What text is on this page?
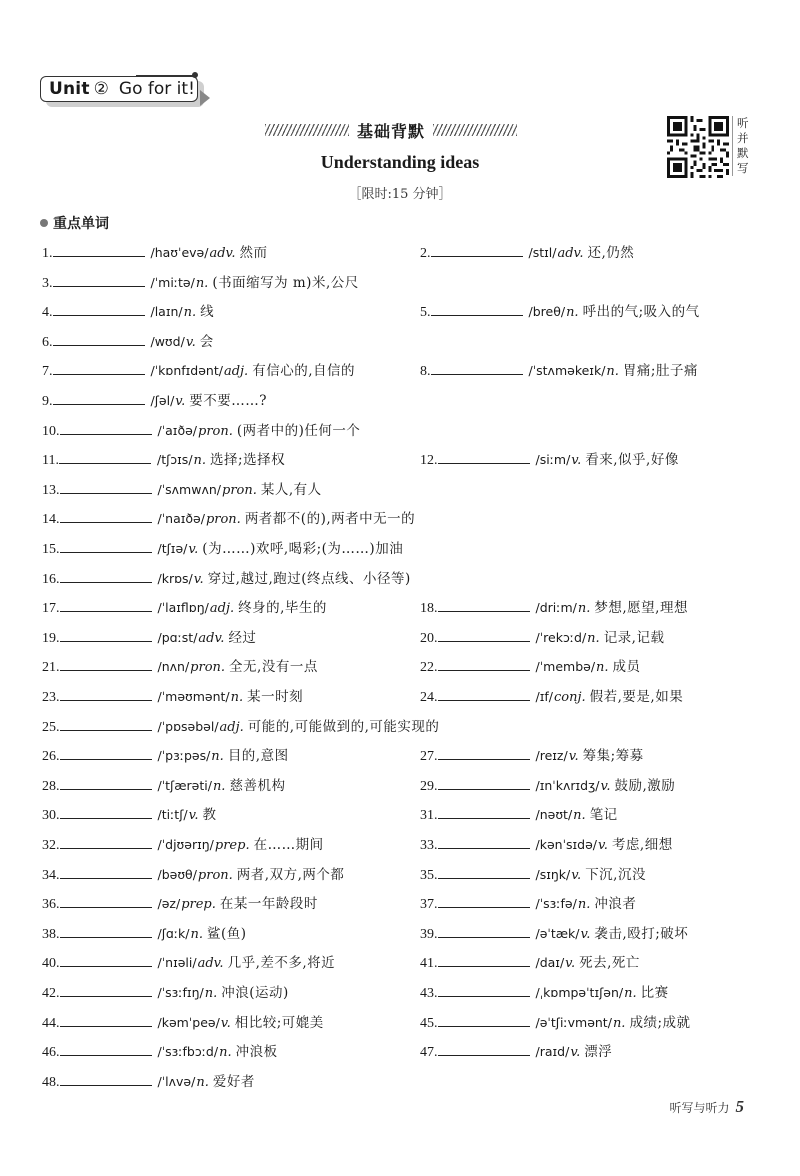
Unit ② Go for it!
基础背默
Understanding ideas
［限时:15 分钟］
听并默写
重点单词
1.	/haʊˈevə/ adv. 然而	2.	/stɪl/ adv. 还,仍然
3.	/ˈmiːtə/ n. (书面缩写为 m)米,公尺
4.	/laɪn/ n. 线	5.	/breθ/ n. 呼出的气;吸入的气
6.	/wʊd/ v. 会
7.	/ˈkɒnfɪdənt/ adj. 有信心的,自信的	8.	/ˈstʌməkeɪk/ n. 胃痛;肚子痛
9.	/ʃəl/ v. 要不要……?
10.	/ˈaɪðə/ pron. (两者中的)任何一个
11.	/tʃɔɪs/ n. 选择;选择权	12.	/siːm/ v. 看来,似乎,好像
13.	/ˈsʌmwʌn/ pron. 某人,有人
14.	/ˈnaɪðə/ pron. 两者都不(的),两者中无一的
15.	/tʃɪə/ v. (为……)欢呼,喝彩;(为……)加油
16.	/krɒs/ v. 穿过,越过,跑过(终点线、小径等)
17.	/ˈlaɪflɒŋ/ adj. 终身的,毕生的	18.	/driːm/ n. 梦想,愿望,理想
19.	/pɑːst/ adv. 经过	20.	/ˈrekɔːd/ n. 记录,记载
21.	/nʌn/ pron. 全无,没有一点	22.	/ˈmembə/ n. 成员
23.	/ˈməʊmənt/ n. 某一时刻	24.	/ɪf/ conj. 假若,要是,如果
25.	/ˈpɒsəbəl/ adj. 可能的,可能做到的,可能实现的
26.	/ˈpɜːpəs/ n. 目的,意图	27.	/reɪz/ v. 筹集;筹募
28.	/ˈtʃærəti/ n. 慈善机构	29.	/ɪnˈkʌrɪdʒ/ v. 鼓励,激励
30.	/tiːtʃ/ v. 教	31.	/nəʊt/ n. 笔记
32.	/ˈdjʊərɪŋ/ prep. 在……期间	33.	/kənˈsɪdə/ v. 考虑,细想
34.	/bəʊθ/ pron. 两者,双方,两个都	35.	/sɪŋk/ v. 下沉,沉没
36.	/əz/ prep. 在某一年龄段时	37.	/ˈsɜːfə/ n. 冲浪者
38.	/ʃɑːk/ n. 鲨(鱼)	39.	/əˈtæk/ v. 袭击,殴打;破坏
40.	/ˈnɪəli/ adv. 几乎,差不多,将近	41.	/daɪ/ v. 死去,死亡
42.	/ˈsɜːfɪŋ/ n. 冲浪(运动)	43.	/ˌkɒmpəˈtɪʃən/ n. 比赛
44.	/kəmˈpeə/ v. 相比较;可媲美	45.	/əˈtʃiːvmənt/ n. 成绩;成就
46.	/ˈsɜːfbɔːd/ n. 冲浪板	47.	/raɪd/ v. 漂浮
48.	/ˈlʌvə/ n. 爱好者
听写与听力 5
